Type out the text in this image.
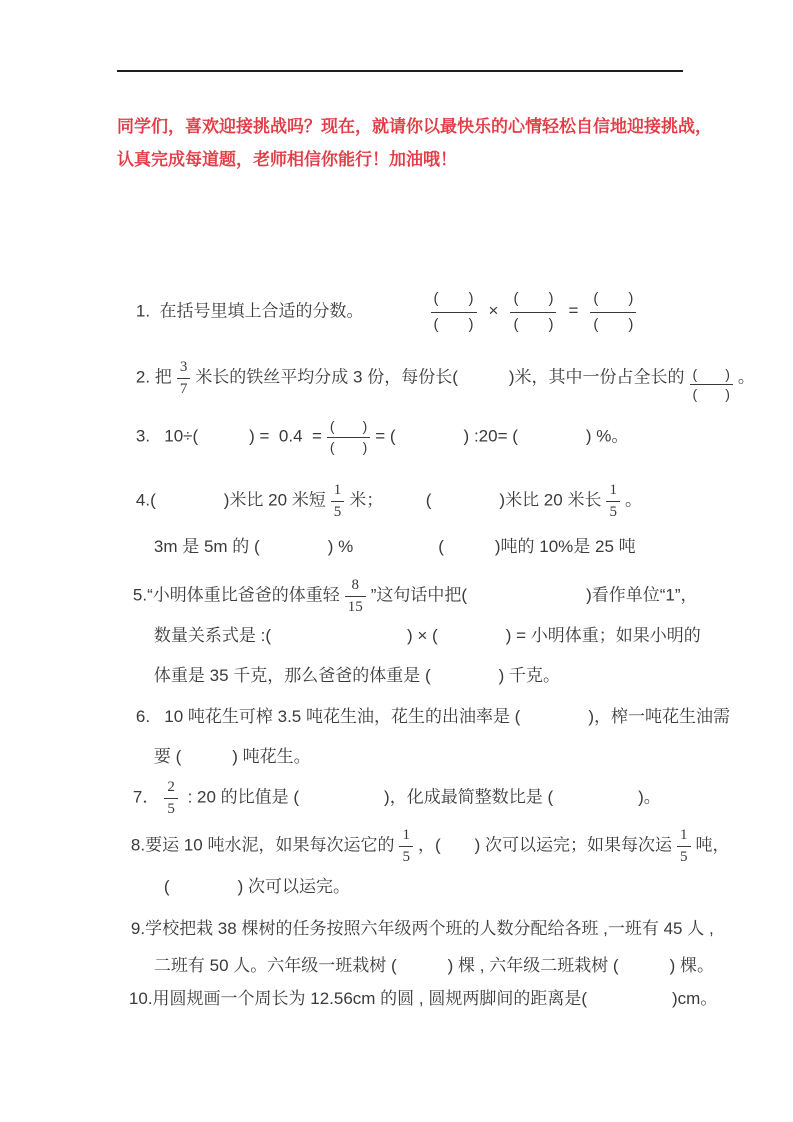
同学们，喜欢迎接挑战吗？现在，就请你以最快乐的心情轻松自信地迎接挑战，
认真完成每道题，老师相信你能行！加油哦！

1.  在括号里填上合适的分数。	$\frac{( )}{( )} \times \frac{( )}{( )} = \frac{( )}{( )}$

2. 把 $\frac{3}{7}$ 米长的铁丝平均分成 3 份，每份长(　　　)米，其中一份占全长的 $\frac{( )}{( )}$ 。

3.   10÷(　　　) =  $0.4 = \frac{( )}{( )}$ = (　　　　) :20= (　　　　) %。

4.(　　　　)米比 20 米短 $\frac{1}{5}$ 米；　　　(　　　　)米比 20 米长 $\frac{1}{5}$ 。

3m 是 5m 的 (　　　　) %　　　　　(　　　)吨的 10%是 25 吨

5.“小明体重比爸爸的体重轻 $\frac{8}{15}$ ”这句话中把(　　　　　　　)看作单位“1”，

数量关系式是 :(　　　　　　　　) × (　　　　) = 小明体重；如果小明的

体重是 35 千克，那么爸爸的体重是 (　　　　) 千克。

6.   10 吨花生可榨 3.5 吨花生油，花生的出油率是 (　　　　)，榨一吨花生油需

要 (　　　) 吨花生。

7． $\frac{2}{5}$ : 20 的比值是 (　　　　　)，化成最简整数比是 (　　　　　)。

8.要运 10 吨水泥，如果每次运它的 $\frac{1}{5}$ ，(　　) 次可以运完；如果每次运 $\frac{1}{5}$ 吨，

(　　　　) 次可以运完。

9.学校把栽 38 棵树的任务按照六年级两个班的人数分配给各班 ,一班有 45 人 ,

二班有 50 人。六年级一班栽树 (　　　) 棵 , 六年级二班栽树 (　　　) 棵。

10.用圆规画一个周长为 12.56cm 的圆 , 圆规两脚间的距离是(　　　　　)cm。
